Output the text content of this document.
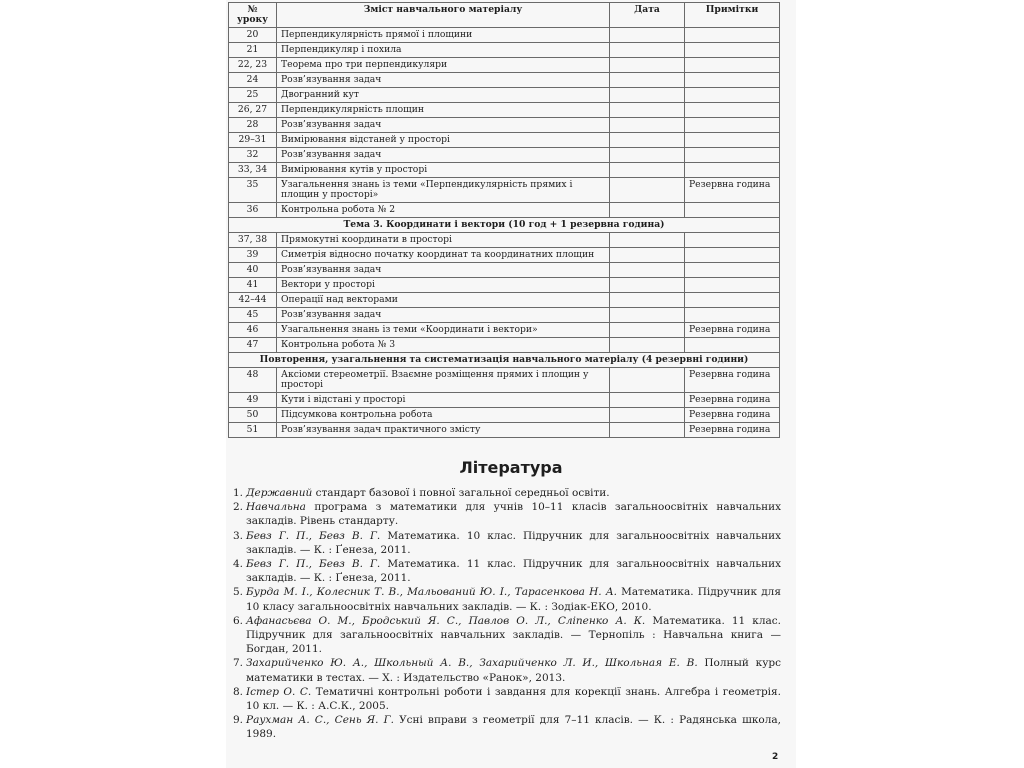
№ уроку	Зміст навчального матеріалу	Дата	Примітки
20	Перпендикулярність прямої і площини		
21	Перпендикуляр і похила		
22, 23	Теорема про три перпендикуляри		
24	Розв’язування задач		
25	Двогранний кут		
26, 27	Перпендикулярність площин		
28	Розв’язування задач		
29–31	Вимірювання відстаней у просторі		
32	Розв’язування задач		
33, 34	Вимірювання кутів у просторі		
35	Узагальнення знань із теми «Перпендикулярність прямих і площин у просторі»		Резервна година
36	Контрольна робота № 2		
Тема 3. Координати і вектори (10 год + 1 резервна година)			
37, 38	Прямокутні координати в просторі		
39	Симетрія відносно початку координат та координатних площин		
40	Розв’язування задач		
41	Вектори у просторі		
42–44	Операції над векторами		
45	Розв’язування задач		
46	Узагальнення знань із теми «Координати і вектори»		Резервна година
47	Контрольна робота № 3		
Повторення, узагальнення та систематизація навчального матеріалу (4 резервні години)			
48	Аксіоми стереометрії. Взаємне розміщення прямих і площин у просторі		Резервна година
49	Кути і відстані у просторі		Резервна година
50	Підсумкова контрольна робота		Резервна година
51	Розв’язування задач практичного змісту		Резервна година
Література
1. Державний стандарт базової і повної загальної середньої освіти.
2. Навчальна програма з математики для учнів 10–11 класів загальноосвітніх навчальних закладів. Рівень стандарту.
3. Бевз Г. П., Бевз В. Г. Математика. 10 клас. Підручник для загальноосвітніх навчальних закладів. — К. : Ґенеза, 2011.
4. Бевз Г. П., Бевз В. Г. Математика. 11 клас. Підручник для загальноосвітніх навчальних закладів. — К. : Ґенеза, 2011.
5. Бурда М. І., Колесник Т. В., Мальований Ю. І., Тарасенкова Н. А. Математика. Підручник для 10 класу загальноосвітніх навчальних закладів. — К. : Зодіак-ЕКО, 2010.
6. Афанасьєва О. М., Бродський Я. С., Павлов О. Л., Сліпенко А. К. Математика. 11 клас. Підручник для загальноосвітніх навчальних закладів. — Тернопіль : Навчальна книга — Богдан, 2011.
7. Захарийченко Ю. А., Школьный А. В., Захарийченко Л. И., Школьная Е. В. Полный курс математики в тестах. — Х. : Издательство «Ранок», 2013.
8. Істер О. С. Тематичні контрольні роботи і завдання для корекції знань. Алгебра і геометрія. 10 кл. — К. : А.С.К., 2005.
9. Раухман А. С., Сень Я. Г. Усні вправи з геометрії для 7–11 класів. — К. : Радянська школа, 1989.
2
